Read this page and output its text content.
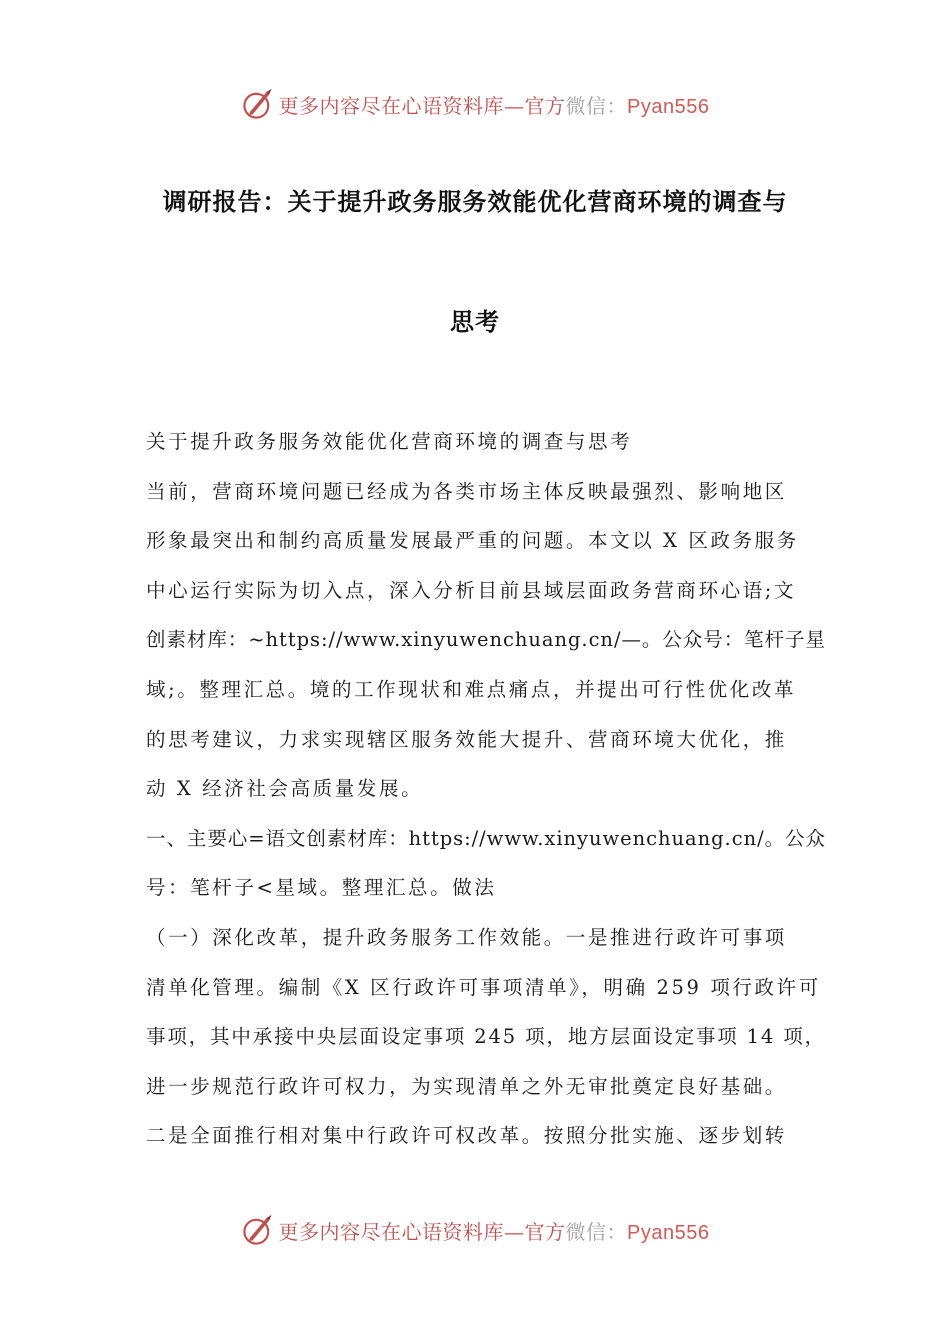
更多内容尽在心语资料库—官方微信：Pyan556
调研报告：关于提升政务服务效能优化营商环境的调查与
思考
关于提升政务服务效能优化营商环境的调查与思考
当前，营商环境问题已经成为各类市场主体反映最强烈、影响地区
形象最突出和制约高质量发展最严重的问题。本文以 X 区政务服务
中心运行实际为切入点，深入分析目前县域层面政务营商环心语;文
创素材库：~https://www.xinyuwenchuang.cn/—。公众号：笔杆子星
域;。整理汇总。境的工作现状和难点痛点，并提出可行性优化改革
的思考建议，力求实现辖区服务效能大提升、营商环境大优化，推
动 X 经济社会高质量发展。
一、主要心=语文创素材库：https://www.xinyuwenchuang.cn/。公众
号：笔杆子<星域。整理汇总。做法
（一）深化改革，提升政务服务工作效能。一是推进行政许可事项
清单化管理。编制《X 区行政许可事项清单》，明确 259 项行政许可
事项，其中承接中央层面设定事项 245 项，地方层面设定事项 14 项，
进一步规范行政许可权力，为实现清单之外无审批奠定良好基础。
二是全面推行相对集中行政许可权改革。按照分批实施、逐步划转
更多内容尽在心语资料库—官方微信：Pyan556
